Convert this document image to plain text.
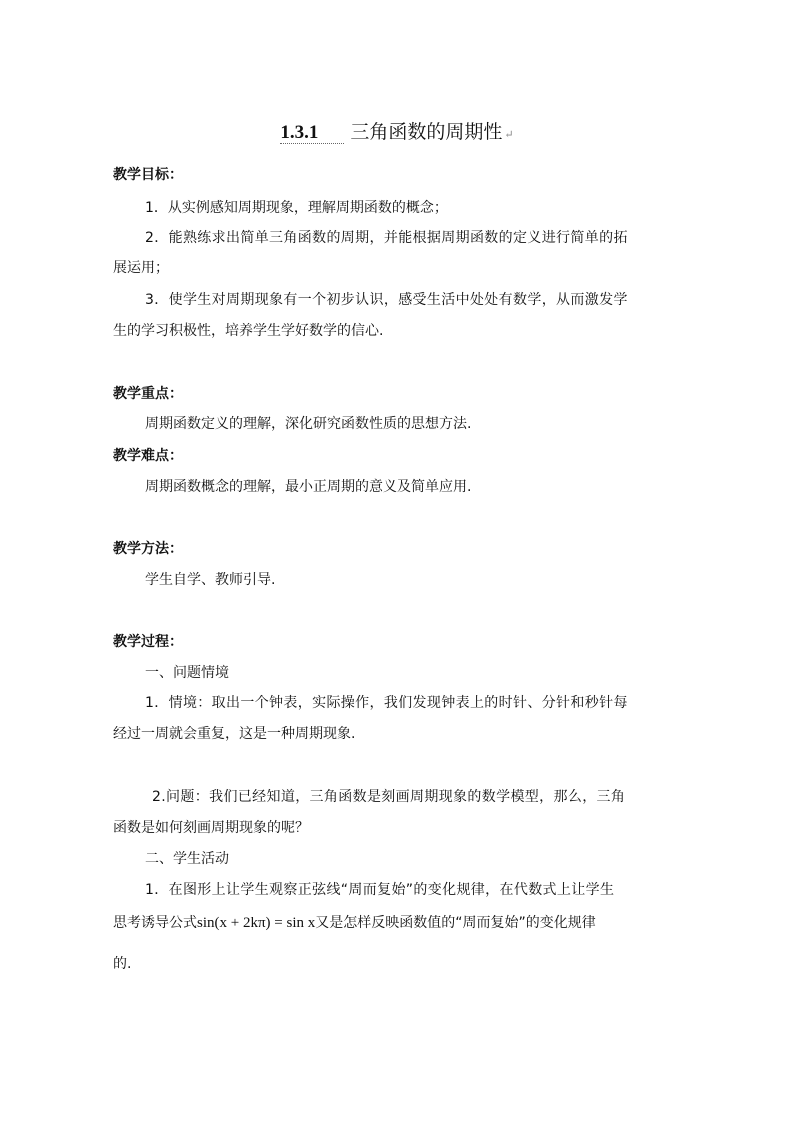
1.3.1 三角函数的周期性 ↵
教学目标：
1．从实例感知周期现象，理解周期函数的概念；
2．能熟练求出简单三角函数的周期，并能根据周期函数的定义进行简单的拓
展运用；
3．使学生对周期现象有一个初步认识，感受生活中处处有数学，从而激发学
生的学习积极性，培养学生学好数学的信心.
教学重点：
周期函数定义的理解，深化研究函数性质的思想方法.
教学难点：
周期函数概念的理解，最小正周期的意义及简单应用.
教学方法：
学生自学、教师引导.
教学过程：
一、问题情境
1．情境：取出一个钟表，实际操作，我们发现钟表上的时针、分针和秒针每
经过一周就会重复，这是一种周期现象.
2.问题：我们已经知道，三角函数是刻画周期现象的数学模型，那么，三角
函数是如何刻画周期现象的呢？
二、学生活动
1．在图形上让学生观察正弦线“周而复始”的变化规律，在代数式上让学生
思考诱导公式sin(x + 2kπ) = sin x又是怎样反映函数值的“周而复始”的变化规律
的.
